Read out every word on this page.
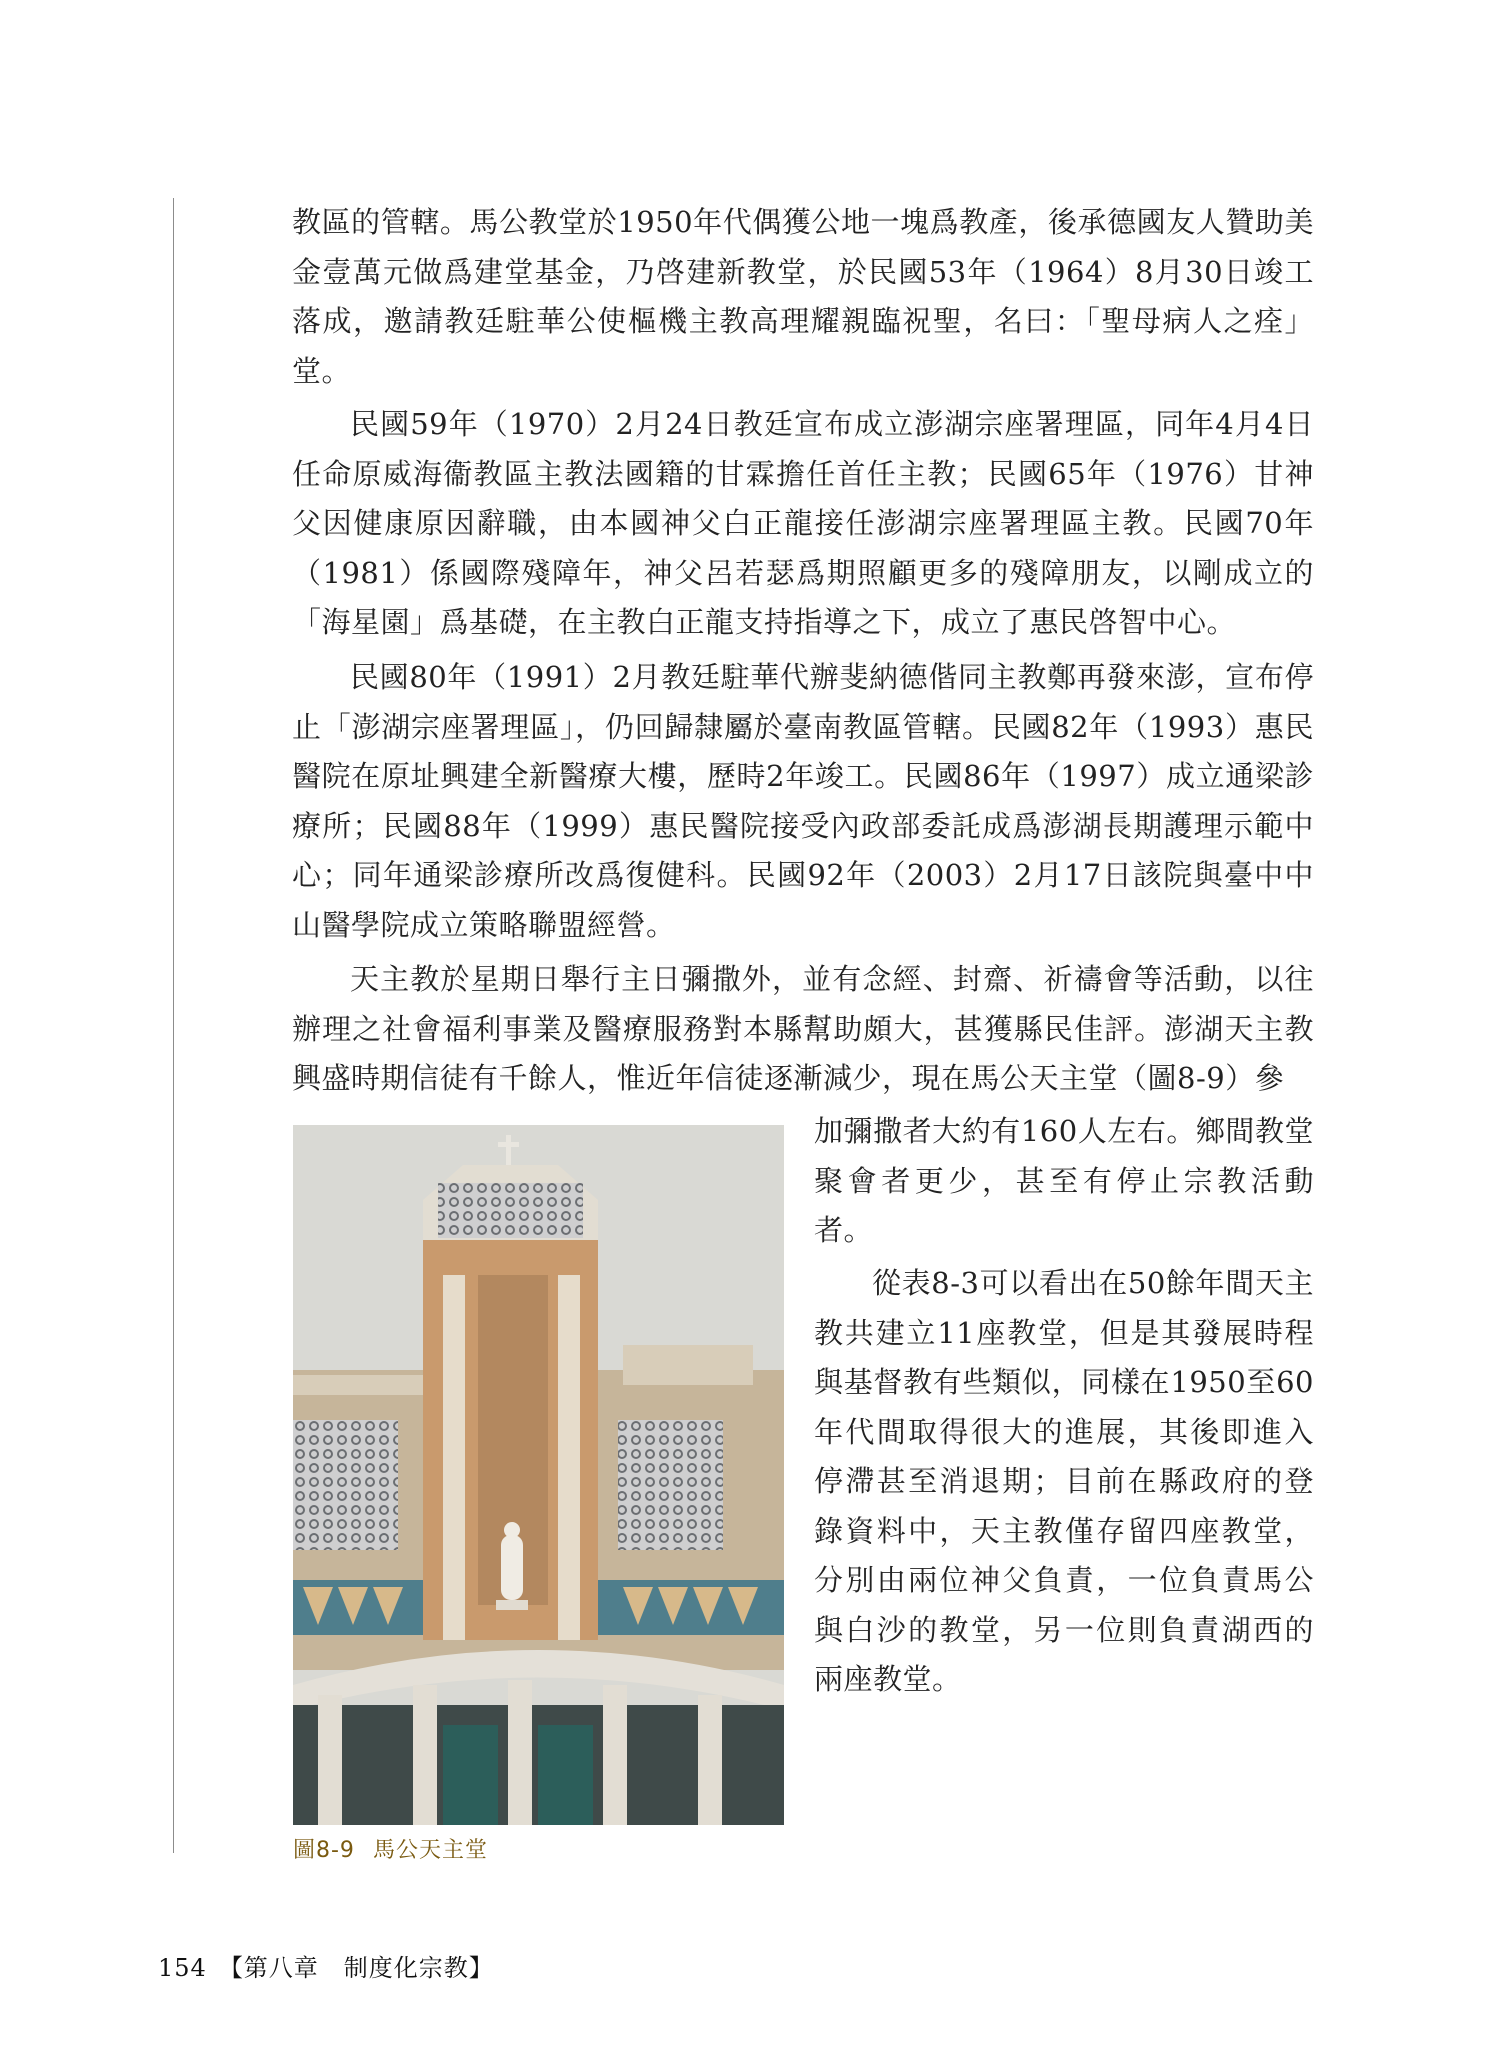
教區的管轄。馬公教堂於1950年代偶獲公地一塊爲教產，後承德國友人贊助美金壹萬元做爲建堂基金，乃啓建新教堂，於民國53年（1964）8月30日竣工落成，邀請教廷駐華公使樞機主教高理耀親臨祝聖，名曰：「聖母病人之痊」堂。

民國59年（1970）2月24日教廷宣布成立澎湖宗座署理區，同年4月4日任命原威海衞教區主教法國籍的甘霖擔任首任主教；民國65年（1976）甘神父因健康原因辭職，由本國神父白正龍接任澎湖宗座署理區主教。民國70年（1981）係國際殘障年，神父呂若瑟爲期照顧更多的殘障朋友，以剛成立的「海星園」爲基礎，在主教白正龍支持指導之下，成立了惠民啓智中心。

民國80年（1991）2月教廷駐華代辦斐納德偕同主教鄭再發來澎，宣布停止「澎湖宗座署理區」，仍回歸隸屬於臺南教區管轄。民國82年（1993）惠民醫院在原址興建全新醫療大樓，歷時2年竣工。民國86年（1997）成立通梁診療所；民國88年（1999）惠民醫院接受內政部委託成爲澎湖長期護理示範中心；同年通梁診療所改爲復健科。民國92年（2003）2月17日該院與臺中中山醫學院成立策略聯盟經營。

天主教於星期日舉行主日彌撒外，並有念經、封齋、祈禱會等活動，以往辦理之社會福利事業及醫療服務對本縣幫助頗大，甚獲縣民佳評。澎湖天主教興盛時期信徒有千餘人，惟近年信徒逐漸減少，現在馬公天主堂（圖8-9）參

加彌撒者大約有160人左右。鄉間教堂聚會者更少，甚至有停止宗教活動者。

從表8-3可以看出在50餘年間天主教共建立11座教堂，但是其發展時程與基督教有些類似，同樣在1950至60年代間取得很大的進展，其後即進入停滯甚至消退期；目前在縣政府的登錄資料中，天主教僅存留四座教堂，分別由兩位神父負責，一位負責馬公與白沙的教堂，另一位則負責湖西的兩座教堂。

圖8-9 馬公天主堂
154 【第八章　制度化宗教】
